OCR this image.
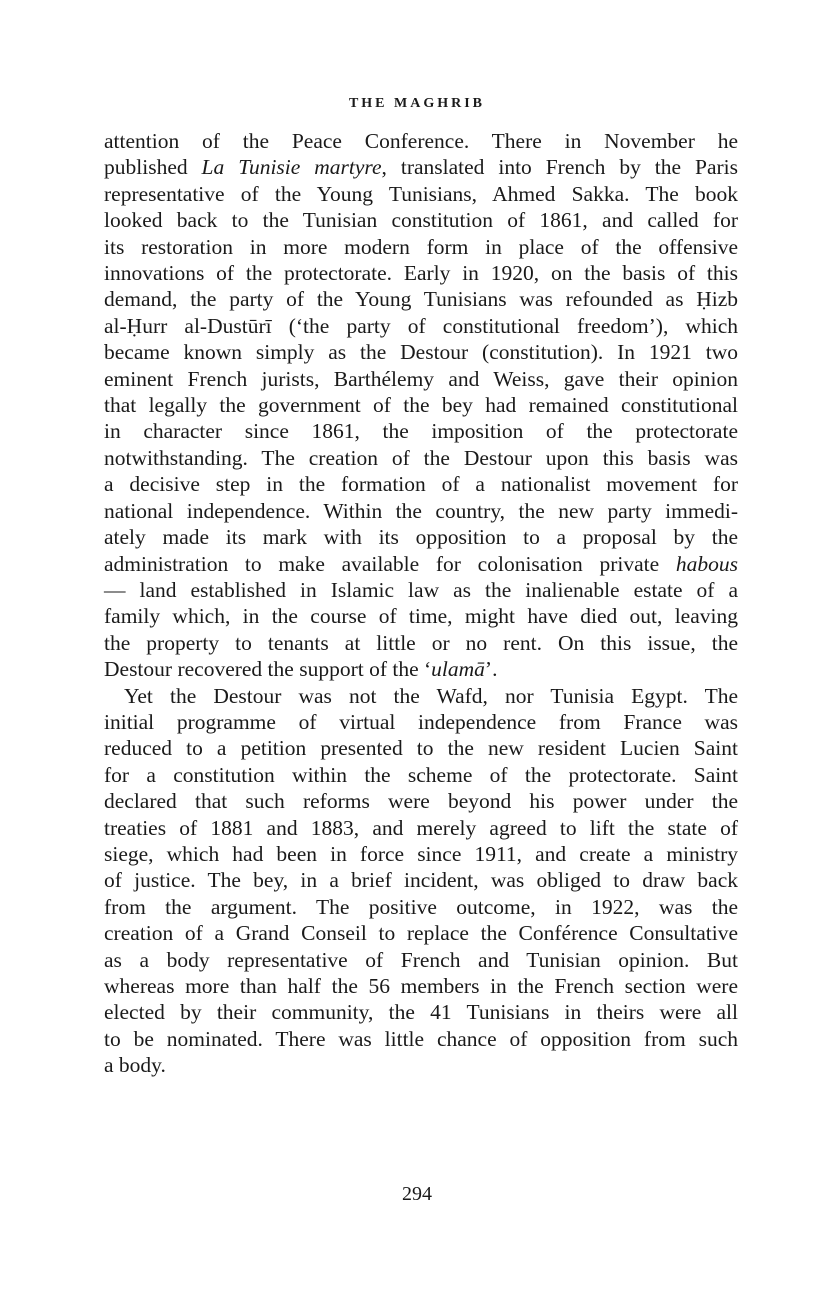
THE MAGHRIB

attention of the Peace Conference. There in November he

published La Tunisie martyre, translated into French by the Paris

representative of the Young Tunisians, Ahmed Sakka. The book

looked back to the Tunisian constitution of 1861, and called for

its restoration in more modern form in place of the offensive

innovations of the protectorate. Early in 1920, on the basis of this

demand, the party of the Young Tunisians was refounded as Ḥizb

al-Ḥurr al-Dustūrī (‘the party of constitutional freedom’), which

became known simply as the Destour (constitution). In 1921 two

eminent French jurists, Barthélemy and Weiss, gave their opinion

that legally the government of the bey had remained constitutional

in character since 1861, the imposition of the protectorate

notwithstanding. The creation of the Destour upon this basis was

a decisive step in the formation of a nationalist movement for

national independence. Within the country, the new party immedi-

ately made its mark with its opposition to a proposal by the

administration to make available for colonisation private habous

— land established in Islamic law as the inalienable estate of a

family which, in the course of time, might have died out, leaving

the property to tenants at little or no rent. On this issue, the

Destour recovered the support of the ‘ulamā’.

Yet the Destour was not the Wafd, nor Tunisia Egypt. The

initial programme of virtual independence from France was

reduced to a petition presented to the new resident Lucien Saint

for a constitution within the scheme of the protectorate. Saint

declared that such reforms were beyond his power under the

treaties of 1881 and 1883, and merely agreed to lift the state of

siege, which had been in force since 1911, and create a ministry

of justice. The bey, in a brief incident, was obliged to draw back

from the argument. The positive outcome, in 1922, was the

creation of a Grand Conseil to replace the Conférence Consultative

as a body representative of French and Tunisian opinion. But

whereas more than half the 56 members in the French section were

elected by their community, the 41 Tunisians in theirs were all

to be nominated. There was little chance of opposition from such

a body.

294
